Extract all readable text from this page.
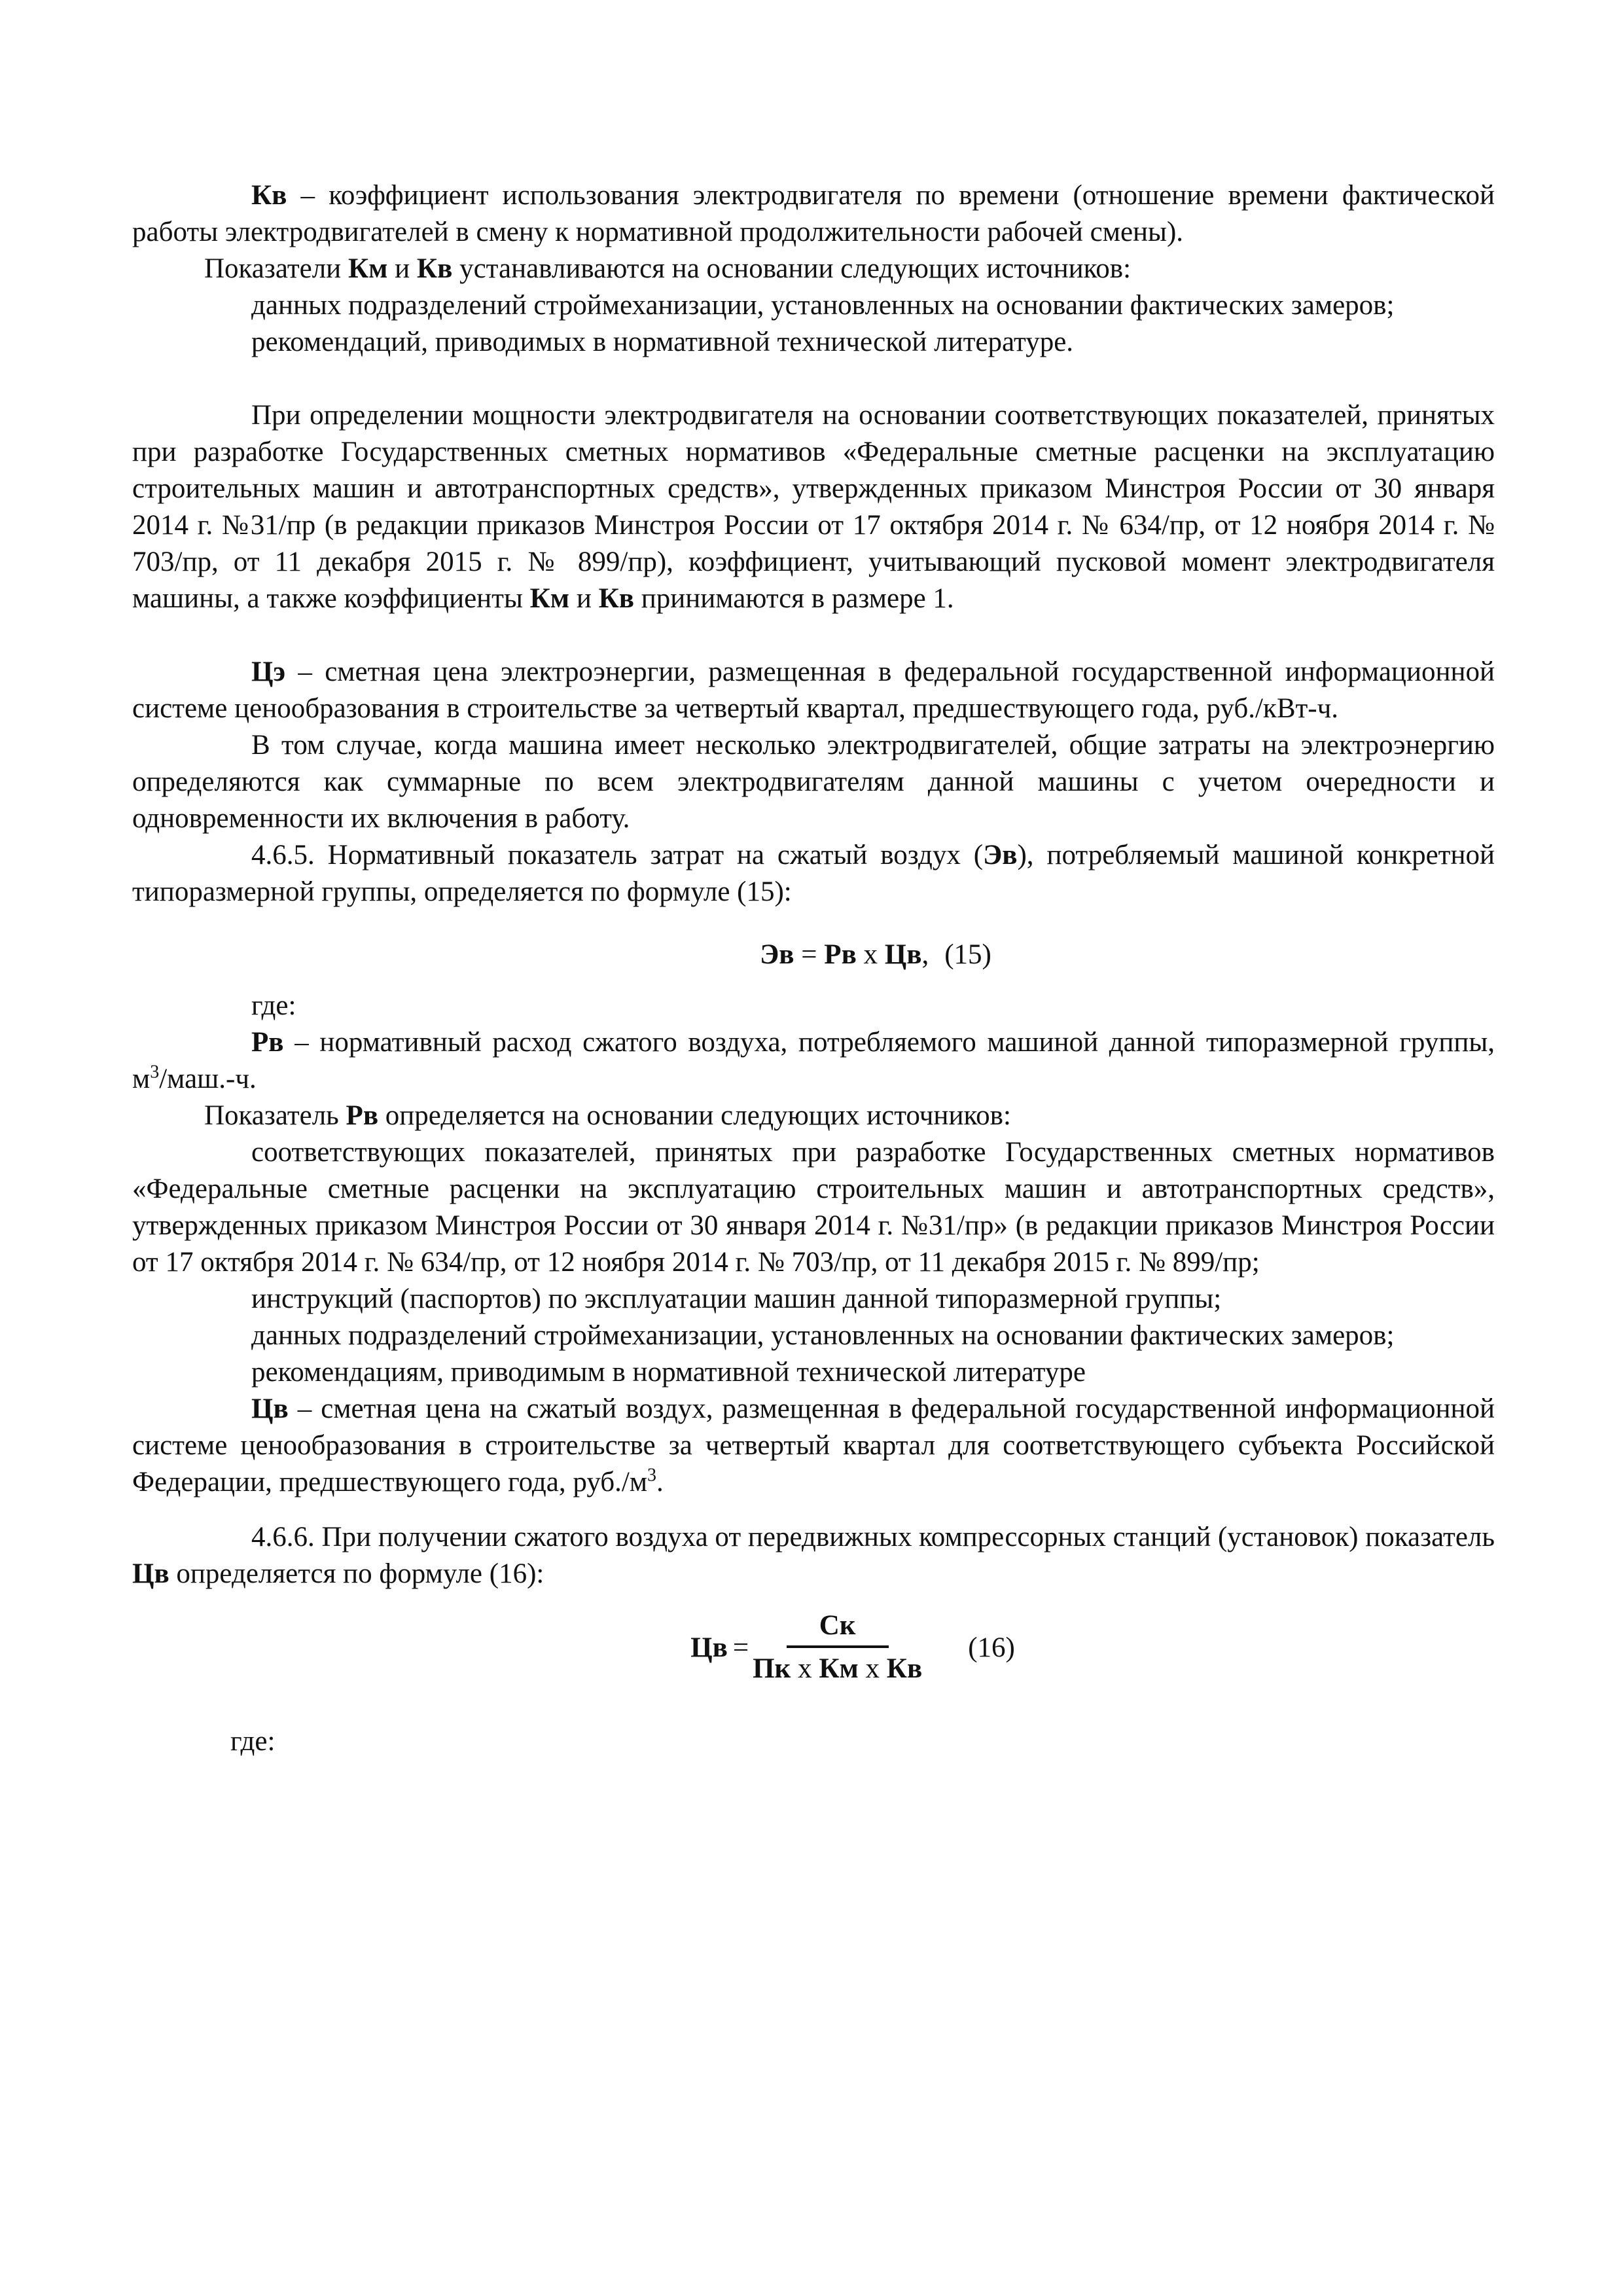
Кв – коэффициент использования электродвигателя по времени (отношение времени фактической работы электродвигателей в смену к нормативной продолжительности рабочей смены).

Показатели Км и Кв устанавливаются на основании следующих источников:

данных подразделений строймеханизации, установленных на основании фактических замеров;

рекомендаций, приводимых в нормативной технической литературе.

При определении мощности электродвигателя на основании соответствующих показателей, принятых при разработке Государственных сметных нормативов «Федеральные сметные расценки на эксплуатацию строительных машин и автотранспортных средств», утвержденных приказом Минстроя России от 30 января 2014 г. №31/пр (в редакции приказов Минстроя России от 17 октября 2014 г. № 634/пр, от 12 ноября 2014 г. № 703/пр, от 11 декабря 2015 г. № 899/пр), коэффициент, учитывающий пусковой момент электродвигателя машины, а также коэффициенты Км и Кв принимаются в размере 1.

Цэ – сметная цена электроэнергии, размещенная в федеральной государственной информационной системе ценообразования в строительстве за четвертый квартал, предшествующего года, руб./кВт-ч.

В том случае, когда машина имеет несколько электродвигателей, общие затраты на электроэнергию определяются как суммарные по всем электродвигателям данной машины с учетом очередности и одновременности их включения в работу.

4.6.5. Нормативный показатель затрат на сжатый воздух (Эв), потребляемый машиной конкретной типоразмерной группы, определяется по формуле (15):

Эв = Рв х Цв, (15)

где:

Рв – нормативный расход сжатого воздуха, потребляемого машиной данной типоразмерной группы, $м^3/маш.-ч$.

Показатель Рв определяется на основании следующих источников:

соответствующих показателей, принятых при разработке Государственных сметных нормативов «Федеральные сметные расценки на эксплуатацию строительных машин и автотранспортных средств», утвержденных приказом Минстроя России от 30 января 2014 г. №31/пр» (в редакции приказов Минстроя России от 17 октября 2014 г. № 634/пр, от 12 ноября 2014 г. № 703/пр, от 11 декабря 2015 г. № 899/пр;

инструкций (паспортов) по эксплуатации машин данной типоразмерной группы;

данных подразделений строймеханизации, установленных на основании фактических замеров;

рекомендациям, приводимым в нормативной технической литературе

Цв – сметная цена на сжатый воздух, размещенная в федеральной государственной информационной системе ценообразования в строительстве за четвертый квартал для соответствующего субъекта Российской Федерации, предшествующего года, $руб./м^3$.

4.6.6. При получении сжатого воздуха от передвижных компрессорных станций (установок) показатель Цв определяется по формуле (16):

Цв = $\frac{Ск}{\text{Пк х Км х Кв}} (16)$

где:
